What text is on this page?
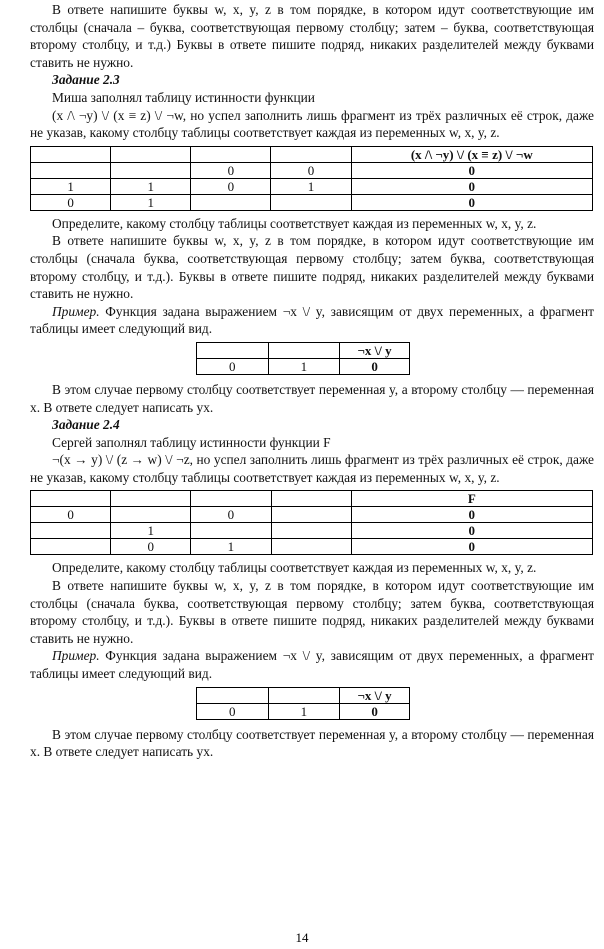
В ответе напишите буквы w, x, y, z в том порядке, в котором идут соответствующие им столбцы (сначала – буква, соответствующая первому столбцу; затем – буква, соответствующая второму столбцу, и т.д.) Буквы в ответе пишите подряд, никаких разделителей между буквами ставить не нужно.

Задание 2.3

Миша заполнял таблицу истинности функции

(x /\ ¬y) \/ (x ≡ z) \/ ¬w, но успел заполнить лишь фрагмент из трёх различных её строк, даже не указав, какому столбцу таблицы соответствует каждая из переменных w, x, y, z.

				(x /\ ¬y) \/ (x ≡ z) \/ ¬w
		0	0	0
1	1	0	1	0
0	1			0

Определите, какому столбцу таблицы соответствует каждая из переменных w, x, y, z.

В ответе напишите буквы w, x, y, z в том порядке, в котором идут соответствующие им столбцы (сначала буква, соответствующая первому столбцу; затем буква, соответствующая второму столбцу, и т.д.). Буквы в ответе пишите подряд, никаких разделителей между буквами ставить не нужно.

Пример. Функция задана выражением ¬x \/ y, зависящим от двух переменных, а фрагмент таблицы имеет следующий вид.

		¬x \/ y
0	1	0

В этом случае первому столбцу соответствует переменная y, а второму столбцу — переменная x. В ответе следует написать yx.

Задание 2.4

Сергей заполнял таблицу истинности функции F

¬(x → y) \/ (z → w) \/ ¬z, но успел заполнить лишь фрагмент из трёх различных её строк, даже не указав, какому столбцу таблицы соответствует каждая из переменных w, x, y, z.

				F
0		0		0
	1			0
	0	1		0

Определите, какому столбцу таблицы соответствует каждая из переменных w, x, y, z.

В ответе напишите буквы w, x, y, z в том порядке, в котором идут соответствующие им столбцы (сначала буква, соответствующая первому столбцу; затем буква, соответствующая второму столбцу, и т.д.). Буквы в ответе пишите подряд, никаких разделителей между буквами ставить не нужно.

Пример. Функция задана выражением ¬x \/ y, зависящим от двух переменных, а фрагмент таблицы имеет следующий вид.

		¬x \/ y
0	1	0

В этом случае первому столбцу соответствует переменная y, а второму столбцу — переменная x. В ответе следует написать yx.

14
